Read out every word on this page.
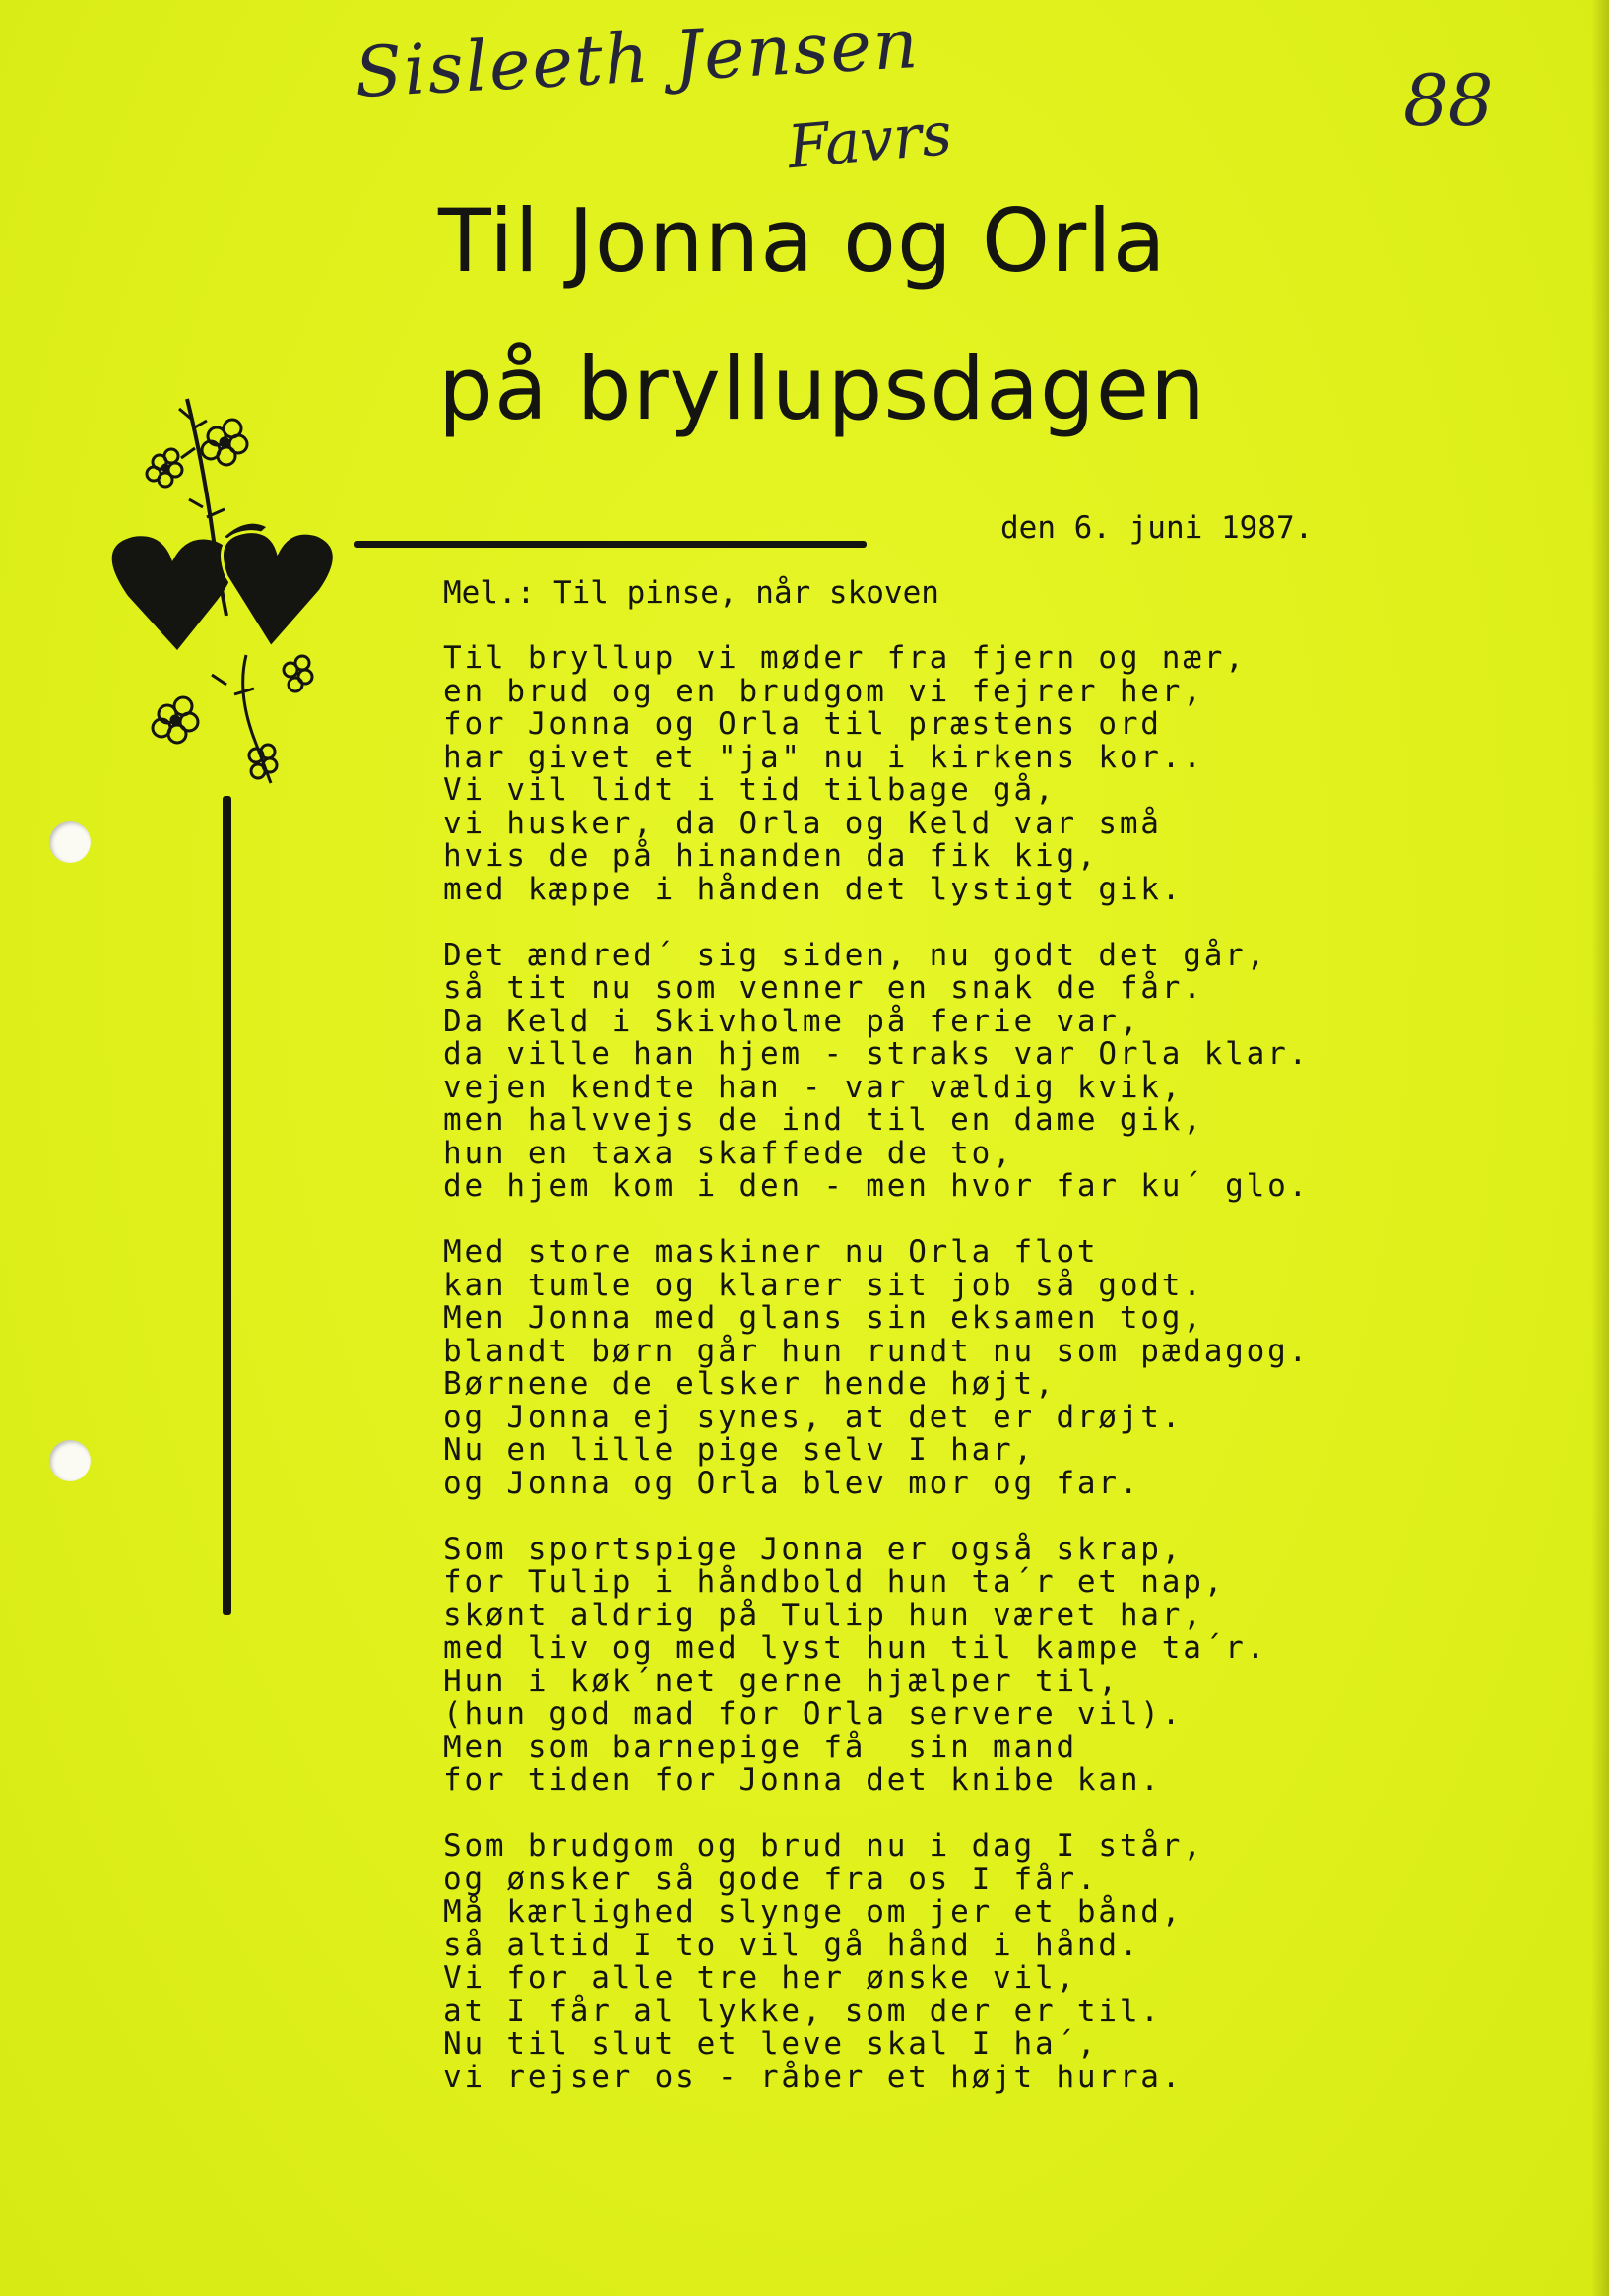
Sisleeth Jensen
Favrs	88
Til Jonna og Orla
på bryllupsdagen

den 6. juni 1987.

Mel.: Til pinse, når skoven

Til bryllup vi møder fra fjern og nær,
en brud og en brudgom vi fejrer her,
for Jonna og Orla til præstens ord
har givet et "ja" nu i kirkens kor..
Vi vil lidt i tid tilbage gå,
vi husker, da Orla og Keld var små
hvis de på hinanden da fik kig,
med kæppe i hånden det lystigt gik.
Det ændred´ sig siden, nu godt det går,
så tit nu som venner en snak de får.
Da Keld i Skivholme på ferie var,
da ville han hjem - straks var Orla klar.
vejen kendte han - var vældig kvik,
men halvvejs de ind til en dame gik,
hun en taxa skaffede de to,
de hjem kom i den - men hvor far ku´ glo.
Med store maskiner nu Orla flot
kan tumle og klarer sit job så godt.
Men Jonna med glans sin eksamen tog,
blandt børn går hun rundt nu som pædagog.
Børnene de elsker hende højt,
og Jonna ej synes, at det er drøjt.
Nu en lille pige selv I har,
og Jonna og Orla blev mor og far.
Som sportspige Jonna er også skrap,
for Tulip i håndbold hun ta´r et nap,
skønt aldrig på Tulip hun været har,
med liv og med lyst hun til kampe ta´r.
Hun i køk´net gerne hjælper til,
(hun god mad for Orla servere vil).
Men som barnepige få  sin mand
for tiden for Jonna det knibe kan.
Som brudgom og brud nu i dag I står,
og ønsker så gode fra os I får.
Må kærlighed slynge om jer et bånd,
så altid I to vil gå hånd i hånd.
Vi for alle tre her ønske vil,
at I får al lykke, som der er til.
Nu til slut et leve skal I ha´,
vi rejser os - råber et højt hurra.
